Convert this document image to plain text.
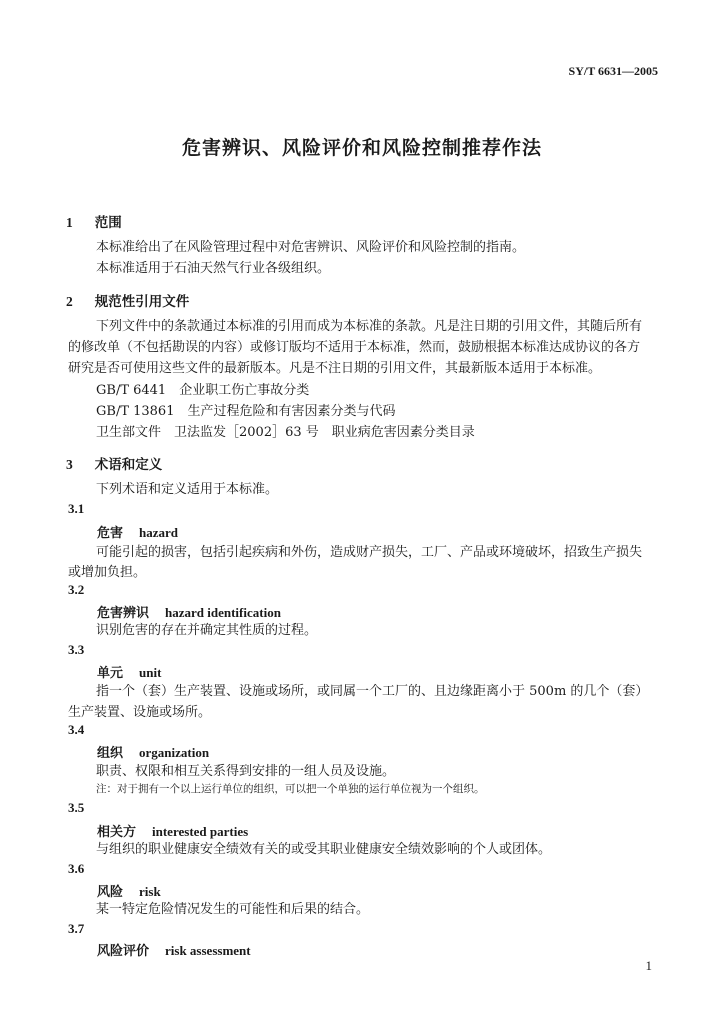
SY/T 6631—2005
危害辨识、风险评价和风险控制推荐作法
1 范围
本标准给出了在风险管理过程中对危害辨识、风险评价和风险控制的指南。
本标准适用于石油天然气行业各级组织。
2 规范性引用文件
下列文件中的条款通过本标准的引用而成为本标准的条款。凡是注日期的引用文件，其随后所有
的修改单（不包括勘误的内容）或修订版均不适用于本标准，然而，鼓励根据本标准达成协议的各方
研究是否可使用这些文件的最新版本。凡是不注日期的引用文件，其最新版本适用于本标准。
GB/T 6441　企业职工伤亡事故分类
GB/T 13861　生产过程危险和有害因素分类与代码
卫生部文件　卫法监发［2002］63 号　职业病危害因素分类目录
3 术语和定义
下列术语和定义适用于本标准。
3.1
危害 hazard
可能引起的损害，包括引起疾病和外伤，造成财产损失，工厂、产品或环境破坏，招致生产损失
或增加负担。
3.2
危害辨识 hazard identification
识别危害的存在并确定其性质的过程。
3.3
单元 unit
指一个（套）生产装置、设施或场所，或同属一个工厂的、且边缘距离小于 500m 的几个（套）
生产装置、设施或场所。
3.4
组织 organization
职责、权限和相互关系得到安排的一组人员及设施。
注：对于拥有一个以上运行单位的组织，可以把一个单独的运行单位视为一个组织。
3.5
相关方 interested parties
与组织的职业健康安全绩效有关的或受其职业健康安全绩效影响的个人或团体。
3.6
风险 risk
某一特定危险情况发生的可能性和后果的结合。
3.7
风险评价 risk assessment
1
